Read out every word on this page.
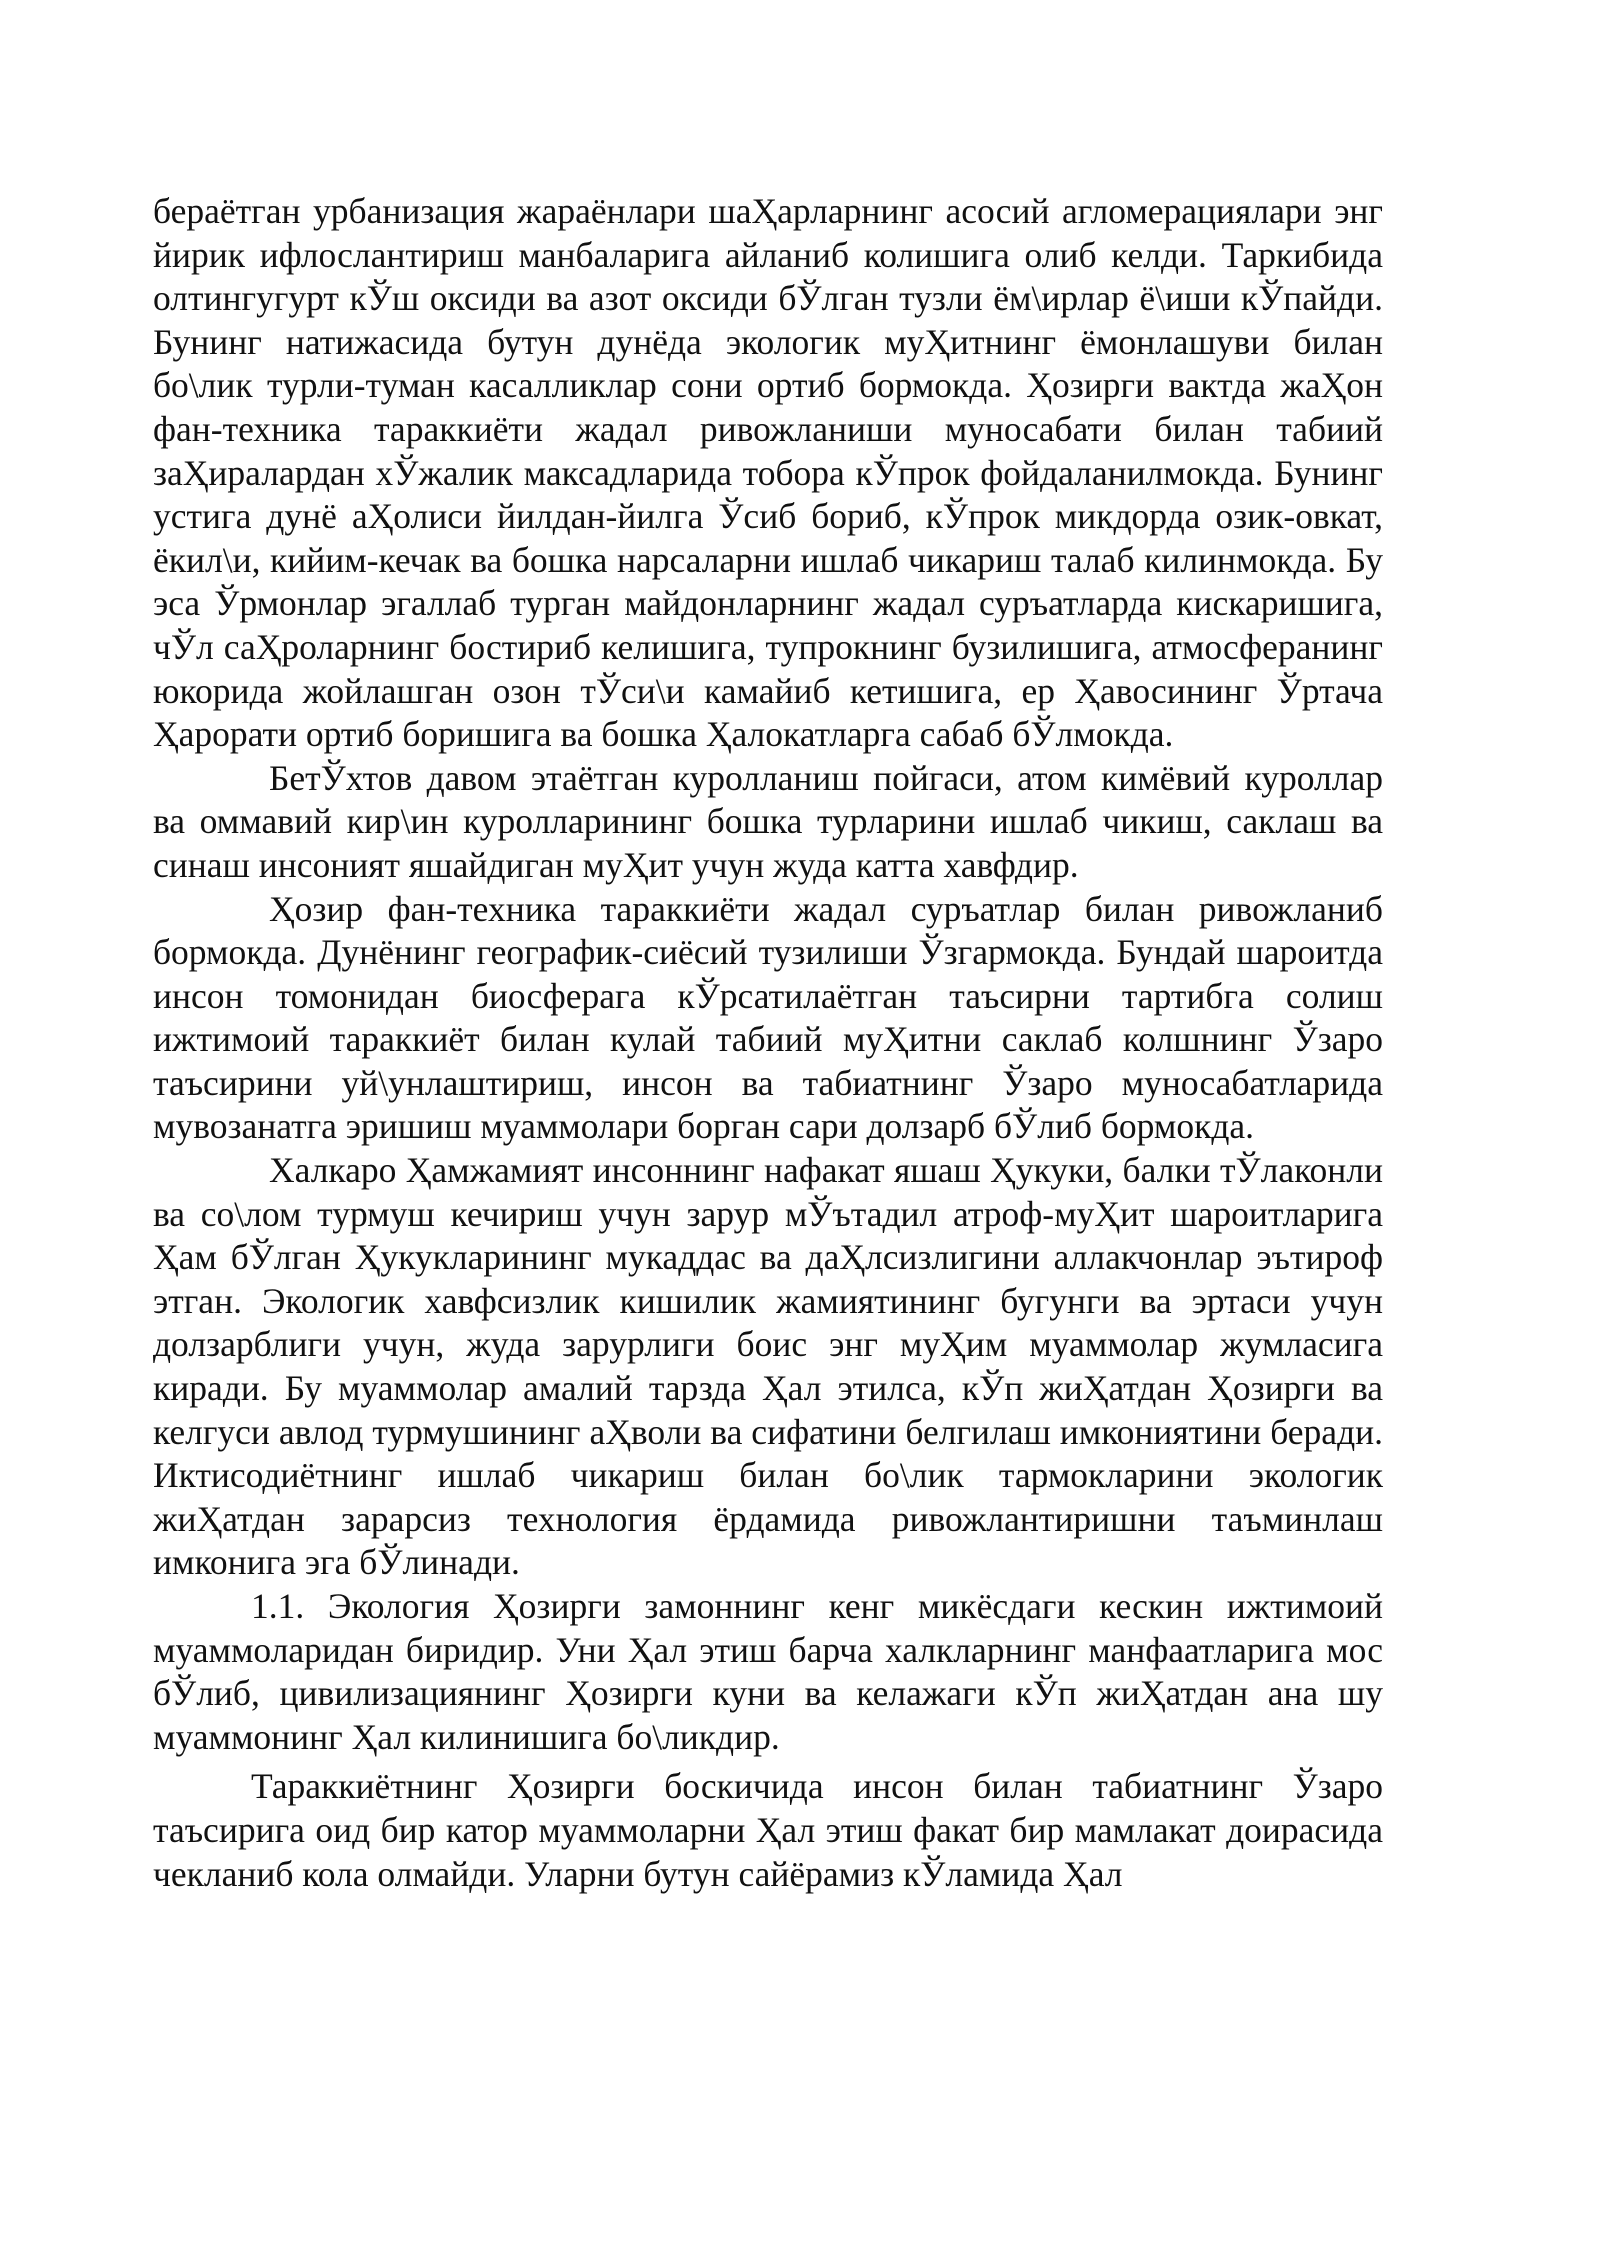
бераётган урбанизация жараёнлари шаҲарларнинг асосий агломерациялари энг йирик ифлослантириш манбаларига айланиб колишига олиб келди. Таркибида олтингугурт кЎш оксиди ва азот оксиди бЎлган тузли ём\ирлар ё\иши кЎпайди. Бунинг натижасида бутун дунёда экологик муҲитнинг ёмонлашуви билан бо\лик турли-туман касалликлар сони ортиб бормокда. Ҳозирги вактда жаҲон фан-техника тараккиёти жадал ривожланиши муносабати билан табиий заҲиралардан хЎжалик максадларида тобора кЎпрок фойдаланилмокда. Бунинг устига дунё аҲолиси йилдан-йилга Ўсиб бориб, кЎпрок микдорда озик-овкат, ёкил\и, кийим-кечак ва бошка нарсаларни ишлаб чикариш талаб килинмокда. Бу эса Ўрмонлар эгаллаб турган майдонларнинг жадал суръатларда кискаришига, чЎл саҲроларнинг бостириб келишига, тупрокнинг бузилишига, атмосферанинг юкорида жойлашган озон тЎси\и камайиб кетишига, ер Ҳавосининг Ўртача Ҳарорати ортиб боришига ва бошка Ҳалокатларга сабаб бЎлмокда.

БетЎхтов давом этаётган куролланиш пойгаси, атом кимёвий куроллар ва оммавий кир\ин куролларининг бошка турларини ишлаб чикиш, саклаш ва синаш инсоният яшайдиган муҲит учун жуда катта хавфдир.

Ҳозир фан-техника тараккиёти жадал суръатлар билан ривожланиб бормокда. Дунёнинг географик-сиёсий тузилиши Ўзгармокда. Бундай шароитда инсон томонидан биосферага кЎрсатилаётган таъсирни тартибга солиш ижтимоий тараккиёт билан кулай табиий муҲитни саклаб колшнинг Ўзаро таъсирини уй\унлаштириш, инсон ва табиатнинг Ўзаро муносабатларида мувозанатга эришиш муаммолари борган сари долзарб бЎлиб бормокда.

Халкаро Ҳамжамият инсоннинг нафакат яшаш Ҳукуки, балки тЎлаконли ва со\лом турмуш кечириш учун зарур мЎътадил атроф-муҲит шароитларига Ҳам бЎлган Ҳукукларининг мукаддас ва даҲлсизлигини аллакчонлар эътироф этган. Экологик хавфсизлик кишилик жамиятининг бугунги ва эртаси учун долзарблиги учун, жуда зарурлиги боис энг муҲим муаммолар жумласига киради. Бу муаммолар амалий тарзда Ҳал этилса, кЎп жиҲатдан Ҳозирги ва келгуси авлод турмушининг аҲволи ва сифатини белгилаш имкониятини беради. Иктисодиётнинг ишлаб чикариш билан бо\лик тармокларини экологик жиҲатдан зарарсиз технология ёрдамида ривожлантиришни таъминлаш имконига эга бЎлинади.

1.1. Экология Ҳозирги замоннинг кенг микёсдаги кескин ижтимоий муаммоларидан биридир. Уни Ҳал этиш барча халкларнинг манфаатларига мос бЎлиб, цивилизациянинг Ҳозирги куни ва келажаги кЎп жиҲатдан ана шу муаммонинг Ҳал килинишига бо\ликдир.

Тараккиётнинг Ҳозирги боскичида инсон билан табиатнинг Ўзаро таъсирига оид бир катор муаммоларни Ҳал этиш факат бир мамлакат доирасида чекланиб кола олмайди. Уларни бутун сайёрамиз кЎламида Ҳал
